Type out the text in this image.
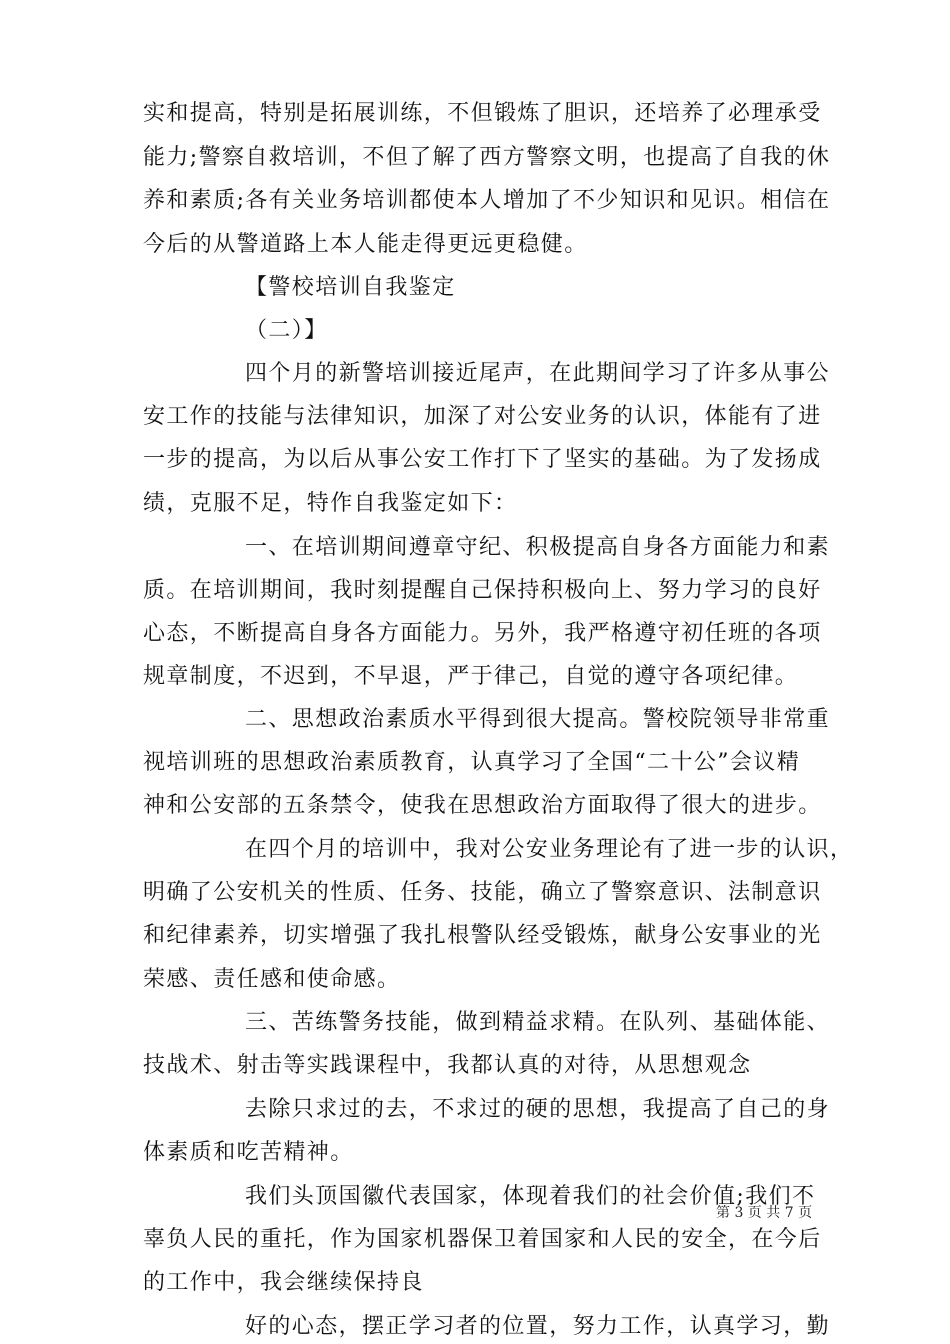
实和提高，特别是拓展训练，不但锻炼了胆识，还培养了必理承受
能力;警察自救培训，不但了解了西方警察文明，也提高了自我的休
养和素质;各有关业务培训都使本人增加了不少知识和见识。相信在
今后的从警道路上本人能走得更远更稳健。
【警校培训自我鉴定
（二）】
四个月的新警培训接近尾声，在此期间学习了许多从事公
安工作的技能与法律知识，加深了对公安业务的认识，体能有了进
一步的提高，为以后从事公安工作打下了坚实的基础。为了发扬成
绩，克服不足，特作自我鉴定如下：
一、在培训期间遵章守纪、积极提高自身各方面能力和素
质。在培训期间，我时刻提醒自己保持积极向上、努力学习的良好
心态，不断提高自身各方面能力。另外，我严格遵守初任班的各项
规章制度，不迟到，不早退，严于律己，自觉的遵守各项纪律。
二、思想政治素质水平得到很大提高。警校院领导非常重
视培训班的思想政治素质教育，认真学习了全国“二十公”会议精
神和公安部的五条禁令，使我在思想政治方面取得了很大的进步。
在四个月的培训中，我对公安业务理论有了进一步的认识，
明确了公安机关的性质、任务、技能，确立了警察意识、法制意识
和纪律素养，切实增强了我扎根警队经受锻炼，献身公安事业的光
荣感、责任感和使命感。
三、苦练警务技能，做到精益求精。在队列、基础体能、
技战术、射击等实践课程中，我都认真的对待，从思想观念
去除只求过的去，不求过的硬的思想，我提高了自己的身
体素质和吃苦精神。
我们头顶国徽代表国家，体现着我们的社会价值;我们不
辜负人民的重托，作为国家机器保卫着国家和人民的安全，在今后
的工作中，我会继续保持良
好的心态，摆正学习者的位置，努力工作，认真学习，勤
第 3 页 共 7 页
